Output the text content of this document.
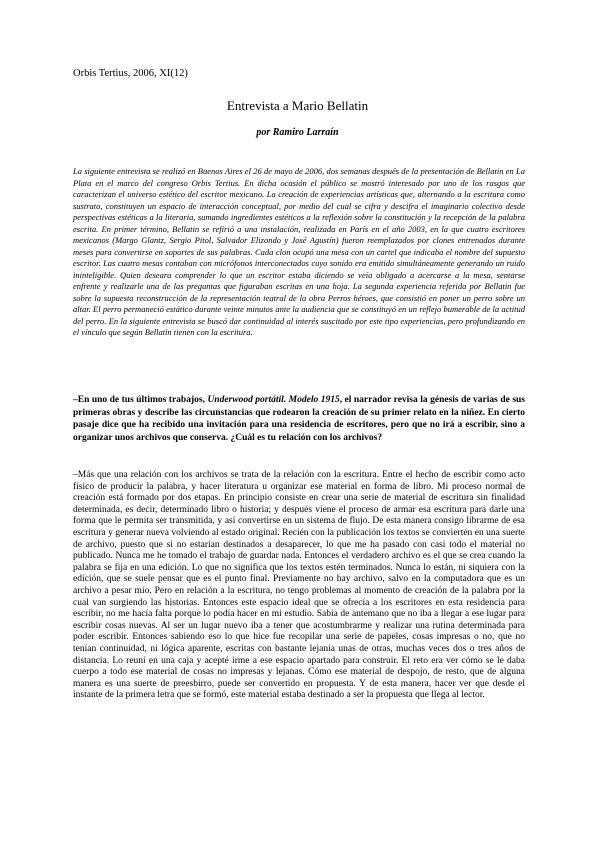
Orbis Tertius, 2006, XI(12)
Entrevista a Mario Bellatin
por Ramiro Larraín

La siguiente entrevista se realizó en Buenos Aires el 26 de mayo de 2006, dos semanas después de la presentación de Bellatin en La Plata en el marco del congreso Orbis Tertius. En dicha ocasión el público se mostró interesado por uno de los rasgos que caracterizan el universo estético del escritor mexicano. La creación de experiencias artísticas que, alternando a la escritura como sustrato, constituyen un espacio de interacción conceptual, por medio del cual se cifra y descifra el imaginario colectivo desde perspectivas estéticas a la literaria, sumando ingredientes estéticos a la reflexión sobre la constitución y la recepción de la palabra escrita. En primer término, Bellatin se refirió a una instalación, realizada en París en el año 2003, en la que cuatro escritores mexicanos (Margo Glantz, Sergio Pitol, Salvador Elizondo y José Agustín) fueron reemplazados por clones entrenados durante meses para convertirse en soportes de sus palabras. Cada clon ocupó una mesa con un cartel que indicaba el nombre del supuesto escritor. Las cuatro mesas contaban con micrófonos interconectados cuyo sonido era emitido simultáneamente generando un ruido ininteligible. Quien deseara comprender lo que un escritor estaba diciendo se veía obligado a acercarse a la mesa, sentarse enfrente y realizarle una de las preguntas que figuraban escritas en una hoja. La segunda experiencia referida por Bellatin fue sobre la supuesta reconstrucción de la representación teatral de la obra Perros héroes, que consistió en poner un perro sobre un altar. El perro permaneció estático durante veinte minutos ante la audiencia que se constituyó en un reflejo bumerable de la actitud del perro. En la siguiente entrevista se buscó dar continuidad al interés suscitado por este tipo experiencias, pero profundizando en el vínculo que según Bellatin tienen con la escritura.

–En uno de tus últimos trabajos, Underwood portátil. Modelo 1915, el narrador revisa la génesis de varias de sus primeras obras y describe las circunstancias que rodearon la creación de su primer relato en la niñez. En cierto pasaje dice que ha recibido una invitación para una residencia de escritores, pero que no irá a escribir, sino a organizar unos archivos que conserva. ¿Cuál es tu relación con los archivos?

–Más que una relación con los archivos se trata de la relación con la escritura. Entre el hecho de escribir como acto físico de producir la palabra, y hacer literatura u organizar ese material en forma de libro. Mi proceso normal de creación está formado por dos etapas. En principio consiste en crear una serie de material de escritura sin finalidad determinada, es decir, determinado libro o historia; y después viene el proceso de armar esa escritura para darle una forma que le permita ser transmitida, y así convertirse en un sistema de flujo. De esta manera consigo librarme de esa escritura y generar nueva volviendo al estado original. Recién con la publicación los textos se convierten en una suerte de archivo, puesto que si no estarían destinados a desaparecer, lo que me ha pasado con casi todo el material no publicado. Nunca me he tomado el trabajo de guardar nada. Entonces el verdadero archivo es el que se crea cuando la palabra se fija en una edición. Lo que no significa que los textos estén terminados. Nunca lo están, ni siquiera con la edición, que se suele pensar que es el punto final. Previamente no hay archivo, salvo en la computadora que es un archivo a pesar mío. Pero en relación a la escritura, no tengo problemas al momento de creación de la palabra por la cual van surgiendo las historias. Entonces este espacio ideal que se ofrecía a los escritores en esta residencia para escribir, no me hacía falta porque lo podía hacer en mi estudio. Sabía de antemano que no iba a llegar a ese lugar para escribir cosas nuevas. Al ser un lugar nuevo iba a tener que acostumbrarme y realizar una rutina determinada para poder escribir. Entonces sabiendo eso lo que hice fue recopilar una serie de papeles, cosas impresas o no, que no tenían continuidad, ni lógica aparente, escritas con bastante lejanía unas de otras, muchas veces dos o tres años de distancia. Lo reuní en una caja y acepté irme a ese espacio apartado para construir. El reto era ver cómo se le daba cuerpo a todo ese material de cosas no impresas y lejanas. Cómo ese material de despojo, de resto, que de alguna manera es una suerte de preesbirro, puede ser convertido en propuesta. Y de esta manera, hacer ver que desde el instante de la primera letra que se formó, este material estaba destinado a ser la propuesta que llega al lector.
